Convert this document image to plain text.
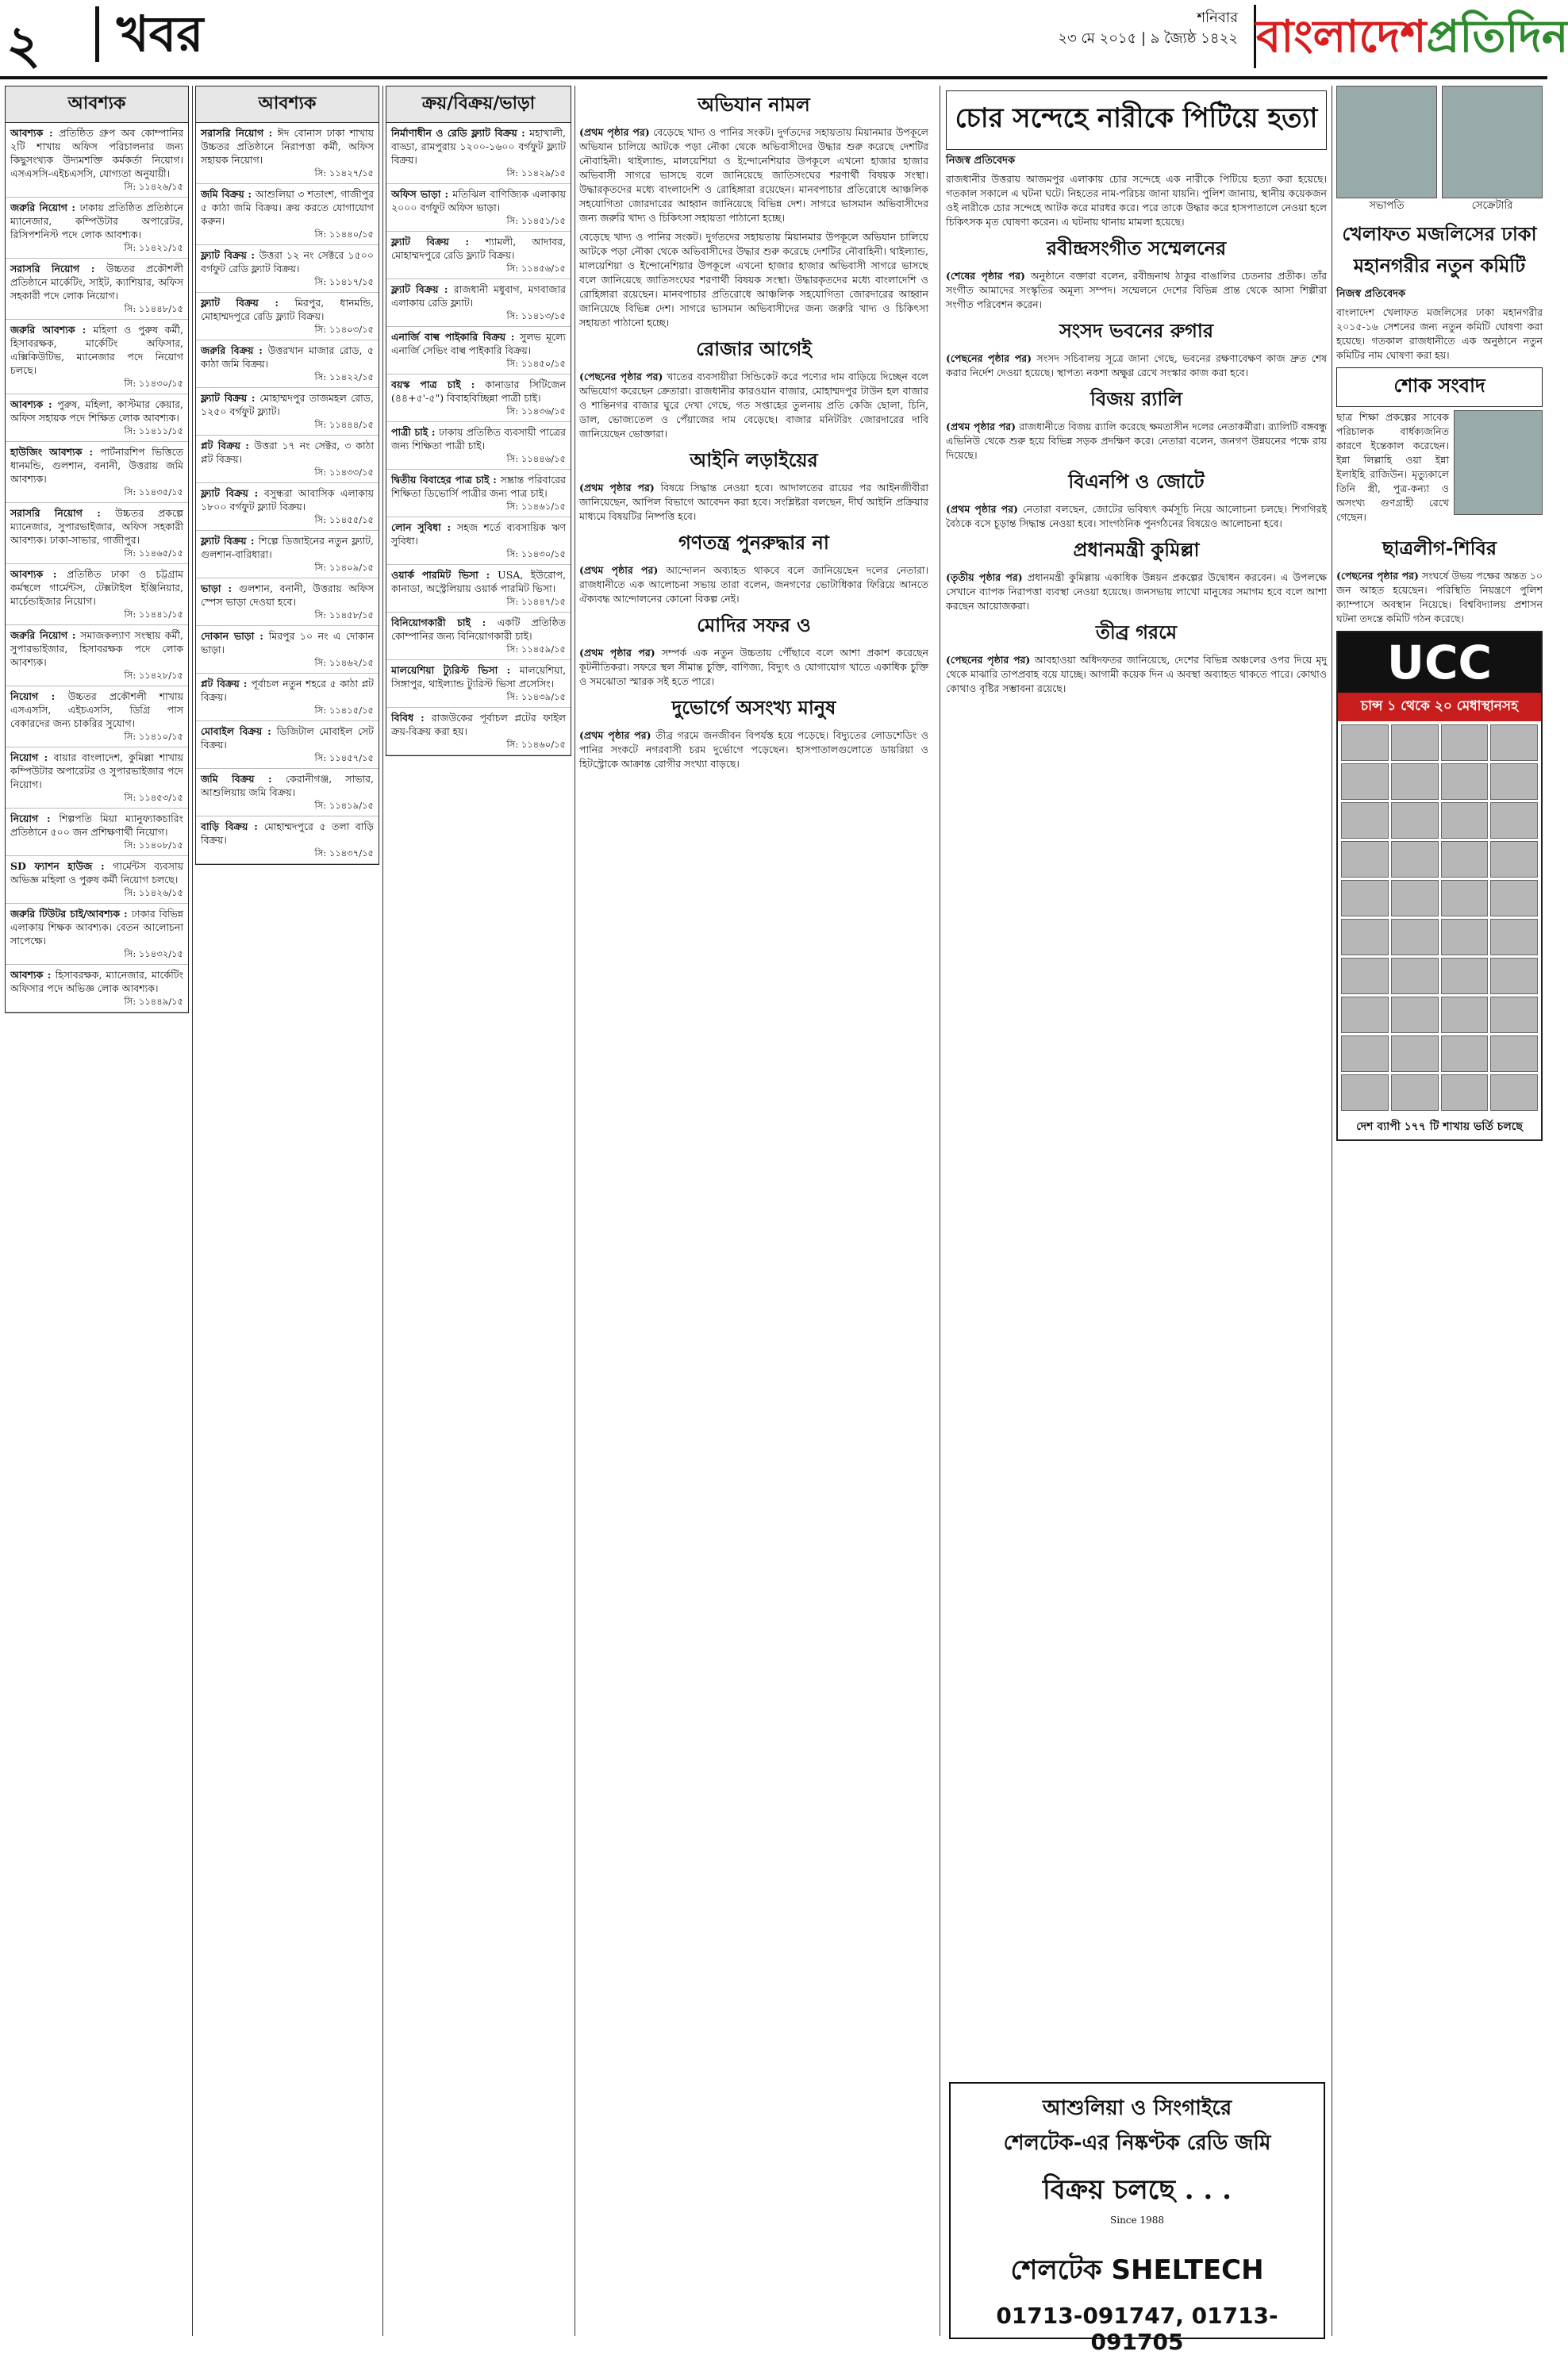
২	খবর	শনিবার
২৩ মে ২০১৫ | ৯ জ্যৈষ্ঠ ১৪২২ বাংলাদেশপ্রতিদিন
আবশ্যক
আবশ্যক : প্রতিষ্ঠিত গ্রুপ অব কোম্পানির ২টি শাখায় অফিস পরিচালনার জন্য কিছুসংখ্যক উদ্যমশক্তি কর্মকর্তা নিয়োগ। এসএসসি-এইচএসসি, যোগ্যতা অনুযায়ী।
সি: ১১৪২৬/১৫
জরুরি নিয়োগ : ঢাকায় প্রতিষ্ঠিত প্রতিষ্ঠানে ম্যানেজার, কম্পিউটার অপারেটর, রিসিপশনিস্ট পদে লোক আবশ্যক।
সি: ১১৪২১/১৫
সরাসরি নিয়োগ : উচ্চতর প্রকৌশলী প্রতিষ্ঠানে মার্কেটিং, সাইট, ক্যাশিয়ার, অফিস সহকারী পদে লোক নিয়োগ।
সি: ১১৪৪৮/১৫
জরুরি আবশ্যক : মহিলা ও পুরুষ কর্মী, হিসাবরক্ষক, মার্কেটিং অফিসার, এক্সিকিউটিভ, ম্যানেজার পদে নিয়োগ চলছে।
সি: ১১৪৩০/১৫
আবশ্যক : পুরুষ, মহিলা, কাস্টমার কেয়ার, অফিস সহায়ক পদে শিক্ষিত লোক আবশ্যক।
সি: ১১৪১১/১৫
হাউজিং আবশ্যক : পার্টনারশিপ ভিত্তিতে ধানমন্ডি, গুলশান, বনানী, উত্তরায় জমি আবশ্যক।
সি: ১১৪৩৫/১৫
সরাসরি নিয়োগ : উচ্চতর প্রকল্পে ম্যানেজার, সুপারভাইজার, অফিস সহকারী আবশ্যক। ঢাকা-সাভার, গাজীপুর।
সি: ১১৪৬৫/১৫
আবশ্যক : প্রতিষ্ঠিত ঢাকা ও চট্টগ্রাম কর্মস্থলে গার্মেন্টস, টেক্সটাইল ইঞ্জিনিয়ার, মার্চেন্ডাইজার নিয়োগ।
সি: ১১৪৪১/১৫
জরুরি নিয়োগ : সমাজকল্যাণ সংস্থায় কর্মী, সুপারভাইজার, হিসাবরক্ষক পদে লোক আবশ্যক।
সি: ১১৪২৮/১৫
নিয়োগ : উচ্চতর প্রকৌশলী শাখায় এসএসসি, এইচএসসি, ডিগ্রি পাস বেকারদের জন্য চাকরির সুযোগ।
সি: ১১৪১০/১৫
নিয়োগ : বায়ার বাংলাদেশ, কুমিল্লা শাখায় কম্পিউটার অপারেটর ও সুপারভাইজার পদে নিয়োগ।
সি: ১১৪৫৩/১৫
নিয়োগ : শিল্পপতি মিয়া ম্যানুফ্যাকচারিং প্রতিষ্ঠানে ৫০০ জন প্রশিক্ষণার্থী নিয়োগ।
সি: ১১৪০৮/১৫
SD ফ্যাশন হাউজ : গার্মেন্টস ব্যবসায় অভিজ্ঞ মহিলা ও পুরুষ কর্মী নিয়োগ চলছে।
সি: ১১৪২৬/১৫
জরুরি টিউটর চাই/আবশ্যক : ঢাকার বিভিন্ন এলাকায় শিক্ষক আবশ্যক। বেতন আলোচনা সাপেক্ষে।
সি: ১১৪৩২/১৫
আবশ্যক : হিসাবরক্ষক, ম্যানেজার, মার্কেটিং অফিসার পদে অভিজ্ঞ লোক আবশ্যক।
সি: ১১৪৪৯/১৫
আবশ্যক
সরাসরি নিয়োগ : ঈদ বোনাস ঢাকা শাখায় উচ্চতর প্রতিষ্ঠানে নিরাপত্তা কর্মী, অফিস সহায়ক নিয়োগ।
সি: ১১৪২৭/১৫
জমি বিক্রয় : আশুলিয়া ৩ শতাংশ, গাজীপুর ৫ কাঠা জমি বিক্রয়। ক্রয় করতে যোগাযোগ করুন।
সি: ১১৪৪০/১৫
ফ্ল্যাট বিক্রয় : উত্তরা ১২ নং সেক্টরে ১৫০০ বর্গফুট রেডি ফ্ল্যাট বিক্রয়।
সি: ১১৪১৭/১৫
ফ্ল্যাট বিক্রয় : মিরপুর, ধানমন্ডি, মোহাম্মদপুরে রেডি ফ্ল্যাট বিক্রয়।
সি: ১১৪০৩/১৫
জরুরি বিক্রয় : উত্তরখান মাজার রোড, ৫ কাঠা জমি বিক্রয়।
সি: ১১৪২২/১৫
ফ্ল্যাট বিক্রয় : মোহাম্মদপুর তাজমহল রোড, ১২৫০ বর্গফুট ফ্ল্যাট।
সি: ১১৪৪৪/১৫
প্লট বিক্রয় : উত্তরা ১৭ নং সেক্টর, ৩ কাঠা প্লট বিক্রয়।
সি: ১১৪৩৩/১৫
ফ্ল্যাট বিক্রয় : বসুন্ধরা আবাসিক এলাকায় ১৮০০ বর্গফুট ফ্ল্যাট বিক্রয়।
সি: ১১৪৫৫/১৫
ফ্ল্যাট বিক্রয় : শিল্পে ডিজাইনের নতুন ফ্ল্যাট, গুলশান-বারিধারা।
সি: ১১৪০৯/১৫
ভাড়া : গুলশান, বনানী, উত্তরায় অফিস স্পেস ভাড়া দেওয়া হবে।
সি: ১১৪৫৮/১৫
দোকান ভাড়া : মিরপুর ১০ নং এ দোকান ভাড়া।
সি: ১১৪৬২/১৫
প্লট বিক্রয় : পূর্বাচল নতুন শহরে ৫ কাঠা প্লট বিক্রয়।
সি: ১১৪১৫/১৫
মোবাইল বিক্রয় : ডিজিটাল মোবাইল সেট বিক্রয়।
সি: ১১৪৫৭/১৫
জমি বিক্রয় : কেরানীগঞ্জ, সাভার, আশুলিয়ায় জমি বিক্রয়।
সি: ১১৪১৯/১৫
বাড়ি বিক্রয় : মোহাম্মদপুরে ৫ তলা বাড়ি বিক্রয়।
সি: ১১৪৩৭/১৫
ক্রয়/বিক্রয়/ভাড়া
নির্মাণাধীন ও রেডি ফ্ল্যাট বিক্রয় : মহাখালী, বাড্ডা, রামপুরায় ১২০০-১৬০০ বর্গফুট ফ্ল্যাট বিক্রয়।
সি: ১১৪২৯/১৫
অফিস ভাড়া : মতিঝিল বাণিজ্যিক এলাকায় ২০০০ বর্গফুট অফিস ভাড়া।
সি: ১১৪৫১/১৫
ফ্ল্যাট বিক্রয় : শ্যামলী, আদাবর, মোহাম্মদপুরে রেডি ফ্ল্যাট বিক্রয়।
সি: ১১৪৫৬/১৫
ফ্ল্যাট বিক্রয় : রাজধানী মধুবাগ, মগবাজার এলাকায় রেডি ফ্ল্যাট।
সি: ১১৪১৩/১৫
এনার্জি বাল্ব পাইকারি বিক্রয় : সুলভ মূল্যে এনার্জি সেভিং বাল্ব পাইকারি বিক্রয়।
সি: ১১৪৫০/১৫
বয়স্ক পাত্র চাই : কানাডার সিটিজেন (৪৪+৫'-৫") বিবাহবিচ্ছিন্না পাত্রী চাই।
সি: ১১৪৩৬/১৫
পাত্রী চাই : ঢাকায় প্রতিষ্ঠিত ব্যবসায়ী পাত্রের জন্য শিক্ষিতা পাত্রী চাই।
সি: ১১৪৪৬/১৫
দ্বিতীয় বিবাহের পাত্র চাই : সম্ভ্রান্ত পরিবারের শিক্ষিতা ডিভোর্সি পাত্রীর জন্য পাত্র চাই।
সি: ১১৪৬১/১৫
লোন সুবিধা : সহজ শর্তে ব্যবসায়িক ঋণ সুবিধা।
সি: ১১৪৩০/১৫
ওয়ার্ক পারমিট ভিসা : USA, ইউরোপ, কানাডা, অস্ট্রেলিয়ায় ওয়ার্ক পারমিট ভিসা।
সি: ১১৪৪৭/১৫
বিনিয়োগকারী চাই : একটি প্রতিষ্ঠিত কোম্পানির জন্য বিনিয়োগকারী চাই।
সি: ১১৪৫৯/১৫
মালয়েশিয়া ট্যুরিস্ট ভিসা : মালয়েশিয়া, সিঙ্গাপুর, থাইল্যান্ড ট্যুরিস্ট ভিসা প্রসেসিং।
সি: ১১৪৩৯/১৫
বিবিধ : রাজউকের পূর্বাচল প্লটের ফাইল ক্রয়-বিক্রয় করা হয়।
সি: ১১৪৬০/১৫
অভিযান নামল

(প্রথম পৃষ্ঠার পর) বেড়েছে খাদ্য ও পানির সংকট। দুর্গতদের সহায়তায় মিয়ানমার উপকূলে অভিযান চালিয়ে আটকে পড়া নৌকা থেকে অভিবাসীদের উদ্ধার শুরু করেছে দেশটির নৌবাহিনী। থাইল্যান্ড, মালয়েশিয়া ও ইন্দোনেশিয়ার উপকূলে এখনো হাজার হাজার অভিবাসী সাগরে ভাসছে বলে জানিয়েছে জাতিসংঘের শরণার্থী বিষয়ক সংস্থা। উদ্ধারকৃতদের মধ্যে বাংলাদেশি ও রোহিঙ্গারা রয়েছেন। মানবপাচার প্রতিরোধে আঞ্চলিক সহযোগিতা জোরদারের আহ্বান জানিয়েছে বিভিন্ন দেশ। সাগরে ভাসমান অভিবাসীদের জন্য জরুরি খাদ্য ও চিকিৎসা সহায়তা পাঠানো হচ্ছে।

বেড়েছে খাদ্য ও পানির সংকট। দুর্গতদের সহায়তায় মিয়ানমার উপকূলে অভিযান চালিয়ে আটকে পড়া নৌকা থেকে অভিবাসীদের উদ্ধার শুরু করেছে দেশটির নৌবাহিনী। থাইল্যান্ড, মালয়েশিয়া ও ইন্দোনেশিয়ার উপকূলে এখনো হাজার হাজার অভিবাসী সাগরে ভাসছে বলে জানিয়েছে জাতিসংঘের শরণার্থী বিষয়ক সংস্থা। উদ্ধারকৃতদের মধ্যে বাংলাদেশি ও রোহিঙ্গারা রয়েছেন। মানবপাচার প্রতিরোধে আঞ্চলিক সহযোগিতা জোরদারের আহ্বান জানিয়েছে বিভিন্ন দেশ। সাগরে ভাসমান অভিবাসীদের জন্য জরুরি খাদ্য ও চিকিৎসা সহায়তা পাঠানো হচ্ছে।

রোজার আগেই

(পেছনের পৃষ্ঠার পর) খাতের ব্যবসায়ীরা সিন্ডিকেট করে পণ্যের দাম বাড়িয়ে দিচ্ছেন বলে অভিযোগ করেছেন ক্রেতারা। রাজধানীর কারওয়ান বাজার, মোহাম্মদপুর টাউন হল বাজার ও শান্তিনগর বাজার ঘুরে দেখা গেছে, গত সপ্তাহের তুলনায় প্রতি কেজি ছোলা, চিনি, ডাল, ভোজ্যতেল ও পেঁয়াজের দাম বেড়েছে। বাজার মনিটরিং জোরদারের দাবি জানিয়েছেন ভোক্তারা।

আইনি লড়াইয়ের

(প্রথম পৃষ্ঠার পর) বিষয়ে সিদ্ধান্ত নেওয়া হবে। আদালতের রায়ের পর আইনজীবীরা জানিয়েছেন, আপিল বিভাগে আবেদন করা হবে। সংশ্লিষ্টরা বলছেন, দীর্ঘ আইনি প্রক্রিয়ার মাধ্যমে বিষয়টির নিষ্পত্তি হবে।

গণতন্ত্র পুনরুদ্ধার না

(প্রথম পৃষ্ঠার পর) আন্দোলন অব্যাহত থাকবে বলে জানিয়েছেন দলের নেতারা। রাজধানীতে এক আলোচনা সভায় তারা বলেন, জনগণের ভোটাধিকার ফিরিয়ে আনতে ঐক্যবদ্ধ আন্দোলনের কোনো বিকল্প নেই।

মোদির সফর ও

(প্রথম পৃষ্ঠার পর) সম্পর্ক এক নতুন উচ্চতায় পৌঁছাবে বলে আশা প্রকাশ করেছেন কূটনীতিকরা। সফরে স্থল সীমান্ত চুক্তি, বাণিজ্য, বিদ্যুৎ ও যোগাযোগ খাতে একাধিক চুক্তি ও সমঝোতা স্মারক সই হতে পারে।

দুভোর্গে অসংখ্য মানুষ

(প্রথম পৃষ্ঠার পর) তীব্র গরমে জনজীবন বিপর্যস্ত হয়ে পড়েছে। বিদ্যুতের লোডশেডিং ও পানির সংকটে নগরবাসী চরম দুর্ভোগে পড়েছেন। হাসপাতালগুলোতে ডায়রিয়া ও হিটস্ট্রোকে আক্রান্ত রোগীর সংখ্যা বাড়ছে।

চোর সন্দেহে নারীকে পিটিয়ে হত্যা
নিজস্ব প্রতিবেদক

রাজধানীর উত্তরায় আজমপুর এলাকায় চোর সন্দেহে এক নারীকে পিটিয়ে হত্যা করা হয়েছে। গতকাল সকালে এ ঘটনা ঘটে। নিহতের নাম-পরিচয় জানা যায়নি। পুলিশ জানায়, স্থানীয় কয়েকজন ওই নারীকে চোর সন্দেহে আটক করে মারধর করে। পরে তাকে উদ্ধার করে হাসপাতালে নেওয়া হলে চিকিৎসক মৃত ঘোষণা করেন। এ ঘটনায় থানায় মামলা হয়েছে।

রবীন্দ্রসংগীত সম্মেলনের

(শেষের পৃষ্ঠার পর) অনুষ্ঠানে বক্তারা বলেন, রবীন্দ্রনাথ ঠাকুর বাঙালির চেতনার প্রতীক। তাঁর সংগীত আমাদের সংস্কৃতির অমূল্য সম্পদ। সম্মেলনে দেশের বিভিন্ন প্রান্ত থেকে আসা শিল্পীরা সংগীত পরিবেশন করেন।

সংসদ ভবনের রুগার

(পেছনের পৃষ্ঠার পর) সংসদ সচিবালয় সূত্রে জানা গেছে, ভবনের রক্ষণাবেক্ষণ কাজ দ্রুত শেষ করার নির্দেশ দেওয়া হয়েছে। স্থাপত্য নকশা অক্ষুণ্ণ রেখে সংস্কার কাজ করা হবে।

বিজয় র‍্যালি

(প্রথম পৃষ্ঠার পর) রাজধানীতে বিজয় র‍্যালি করেছে ক্ষমতাসীন দলের নেতাকর্মীরা। র‍্যালিটি বঙ্গবন্ধু এভিনিউ থেকে শুরু হয়ে বিভিন্ন সড়ক প্রদক্ষিণ করে। নেতারা বলেন, জনগণ উন্নয়নের পক্ষে রায় দিয়েছে।

বিএনপি ও জোটে

(প্রথম পৃষ্ঠার পর) নেতারা বলছেন, জোটের ভবিষ্যৎ কর্মসূচি নিয়ে আলোচনা চলছে। শিগগিরই বৈঠকে বসে চূড়ান্ত সিদ্ধান্ত নেওয়া হবে। সাংগঠনিক পুনর্গঠনের বিষয়েও আলোচনা হবে।

প্রধানমন্ত্রী কুমিল্লা

(তৃতীয় পৃষ্ঠার পর) প্রধানমন্ত্রী কুমিল্লায় একাধিক উন্নয়ন প্রকল্পের উদ্বোধন করবেন। এ উপলক্ষে সেখানে ব্যাপক নিরাপত্তা ব্যবস্থা নেওয়া হয়েছে। জনসভায় লাখো মানুষের সমাগম হবে বলে আশা করছেন আয়োজকরা।

তীব্র গরমে

(পেছনের পৃষ্ঠার পর) আবহাওয়া অধিদফতর জানিয়েছে, দেশের বিভিন্ন অঞ্চলের ওপর দিয়ে মৃদু থেকে মাঝারি তাপপ্রবাহ বয়ে যাচ্ছে। আগামী কয়েক দিন এ অবস্থা অব্যাহত থাকতে পারে। কোথাও কোথাও বৃষ্টির সম্ভাবনা রয়েছে।

আশুলিয়া ও সিংগাইরে
শেলটেক-এর নিষ্কণ্টক রেডি জমি
বিক্রয় চলছে . . .
Since 1988
শেলটেক SHELTECH
01713-091747, 01713-091705
সভাপতি	সেক্রেটারি
খেলাফত মজলিসের ঢাকা মহানগরীর নতুন কমিটি
নিজস্ব প্রতিবেদক

বাংলাদেশ খেলাফত মজলিসের ঢাকা মহানগরীর ২০১৫-১৬ সেশনের জন্য নতুন কমিটি ঘোষণা করা হয়েছে। গতকাল রাজধানীতে এক অনুষ্ঠানে নতুন কমিটির নাম ঘোষণা করা হয়।

শোক সংবাদ

ছাত্র শিক্ষা প্রকল্পের সাবেক পরিচালক বার্ধক্যজনিত কারণে ইন্তেকাল করেছেন। ইন্না লিল্লাহি ওয়া ইন্না ইলাইহি রাজিউন। মৃত্যুকালে তিনি স্ত্রী, পুত্র-কন্যা ও অসংখ্য গুণগ্রাহী রেখে গেছেন।

ছাত্রলীগ-শিবির

(পেছনের পৃষ্ঠার পর) সংঘর্ষে উভয় পক্ষের অন্তত ১০ জন আহত হয়েছেন। পরিস্থিতি নিয়ন্ত্রণে পুলিশ ক্যাম্পাসে অবস্থান নিয়েছে। বিশ্ববিদ্যালয় প্রশাসন ঘটনা তদন্তে কমিটি গঠন করেছে।

UCC
চান্স ১ থেকে ২০ মেধাস্থানসহ
দেশ ব্যাপী ১৭৭ টি শাখায় ভর্তি চলছে
